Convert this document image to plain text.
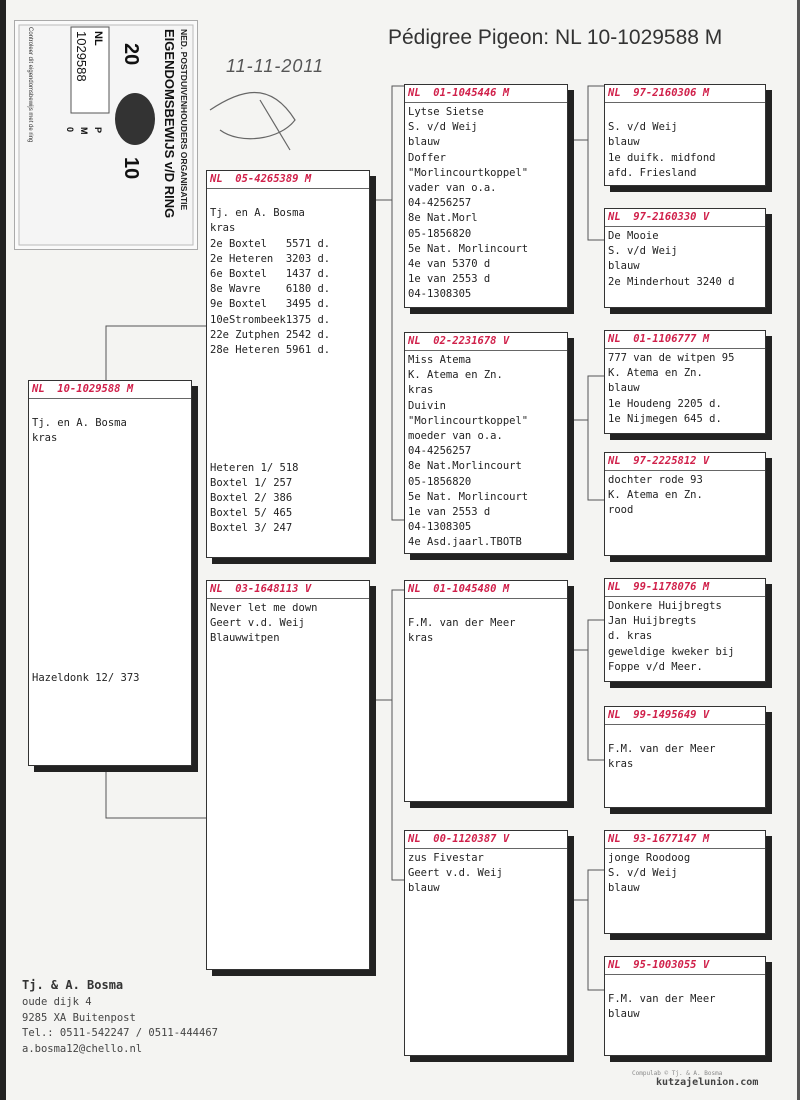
NED. POSTDUIVENHOUDERS ORGANISATIE
EIGENDOMSBEWIJS v/D RING
20
10
NL
1029588
P
M
0
Controleer dit eigendomsbewijs met de ring	11-11-2011
Pédigree Pigeon: NL 10-1029588 M
NL  10-1029588 M
Tj. en A. Bosma
kras
Hazeldonk 12/ 373
NL  05-4265389 M
Tj. en A. Bosma
kras
2e Boxtel   5571 d.
2e Heteren  3203 d.
6e Boxtel   1437 d.
8e Wavre    6180 d.
9e Boxtel   3495 d.
10eStrombeek1375 d.
22e Zutphen 2542 d.
28e Heteren 5961 d.
Heteren 1/ 518
Boxtel 1/ 257
Boxtel 2/ 386
Boxtel 5/ 465
Boxtel 3/ 247
NL  03-1648113 V
Never let me down
Geert v.d. Weij
Blauwwitpen
NL  01-1045446 M
Lytse Sietse
S. v/d Weij
blauw
Doffer
"Morlincourtkoppel"
vader van o.a.
04-4256257
8e Nat.Morl
05-1856820
5e Nat. Morlincourt
4e van 5370 d
1e van 2553 d
04-1308305
NL  02-2231678 V
Miss Atema
K. Atema en Zn.
kras
Duivin
"Morlincourtkoppel"
moeder van o.a.
04-4256257
8e Nat.Morlincourt
05-1856820
5e Nat. Morlincourt
1e van 2553 d
04-1308305
4e Asd.jaarl.TBOTB
NL  01-1045480 M
F.M. van der Meer
kras
NL  00-1120387 V
zus Fivestar
Geert v.d. Weij
blauw
NL  97-2160306 M
S. v/d Weij
blauw
1e duifk. midfond
afd. Friesland
NL  97-2160330 V
De Mooie
S. v/d Weij
blauw
2e Minderhout 3240 d
NL  01-1106777 M
777 van de witpen 95
K. Atema en Zn.
blauw
1e Houdeng 2205 d.
1e Nijmegen 645 d.
NL  97-2225812 V
dochter rode 93
K. Atema en Zn.
rood
NL  99-1178076 M
Donkere Huijbregts
Jan Huijbregts
d. kras
geweldige kweker bij
Foppe v/d Meer.
NL  99-1495649 V
F.M. van der Meer
kras
NL  93-1677147 M
jonge Roodoog
S. v/d Weij
blauw
NL  95-1003055 V
F.M. van der Meer
blauw
Tj. & A. Bosma
oude dijk 4
9285 XA Buitenpost
Tel.: 0511-542247 / 0511-444467
a.bosma12@chello.nl
Compulab © Tj. & A. Bosma
kutzajelunion.com
